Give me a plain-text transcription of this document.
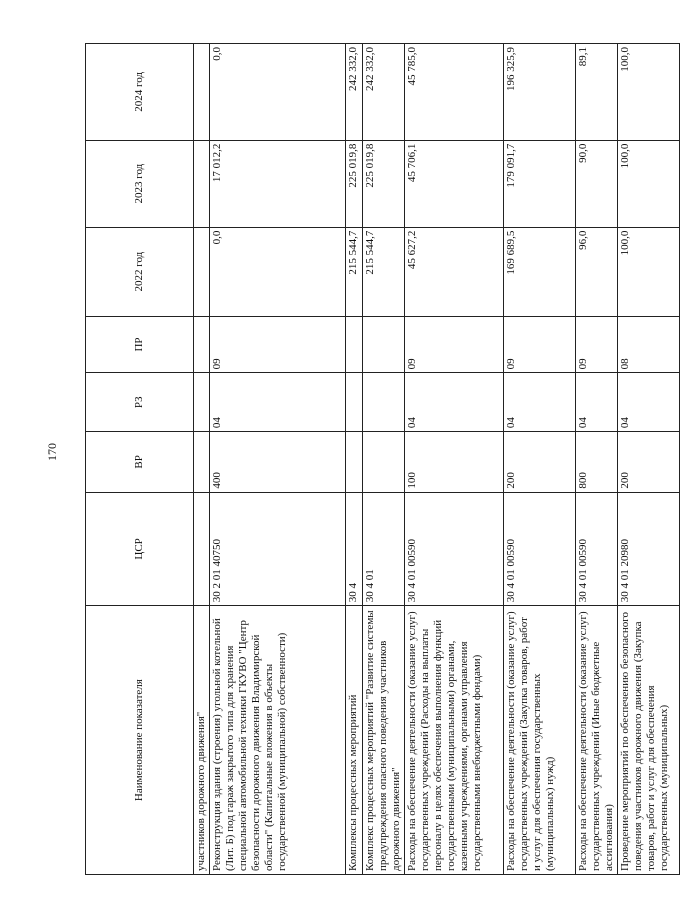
170
Наименование показателя	ЦСР	ВР	РЗ	ПР	2022 год	2023 год	2024 год
участников дорожного движения"							
Реконструкция здания (строения) угольной котельной (Лит. Б) под гараж закрытого типа для хранения специальной автомобильной техники ГКУВО "Центр безопасности дорожного движения Владимирской области" (Капитальные вложения в объекты государственной (муниципальной) собственности)	30 2 01 40750	400	04	09	0,0	17 012,2	0,0
Комплексы процессных мероприятий	30 4				215 544,7	225 019,8	242 332,0
Комплекс процессных мероприятий "Развитие системы предупреждения опасного поведения участников дорожного движения"	30 4 01				215 544,7	225 019,8	242 332,0
Расходы на обеспечение деятельности (оказание услуг) государственных учреждений (Расходы на выплаты персоналу в целях обеспечения выполнения функций государственными (муниципальными) органами, казенными учреждениями, органами управления государственными внебюджетными фондами)	30 4 01 00590	100	04	09	45 627,2	45 706,1	45 785,0
Расходы на обеспечение деятельности (оказание услуг) государственных учреждений (Закупка товаров, работ и услуг для обеспечения государственных (муниципальных) нужд)	30 4 01 00590	200	04	09	169 689,5	179 091,7	196 325,9
Расходы на обеспечение деятельности (оказание услуг) государственных учреждений (Иные бюджетные ассигнования)	30 4 01 00590	800	04	09	96,0	90,0	89,1
Проведение мероприятий по обеспечению безопасного поведения участников дорожного движения (Закупка товаров, работ и услуг для обеспечения государственных (муниципальных)	30 4 01 20980	200	04	08	100,0	100,0	100,0
